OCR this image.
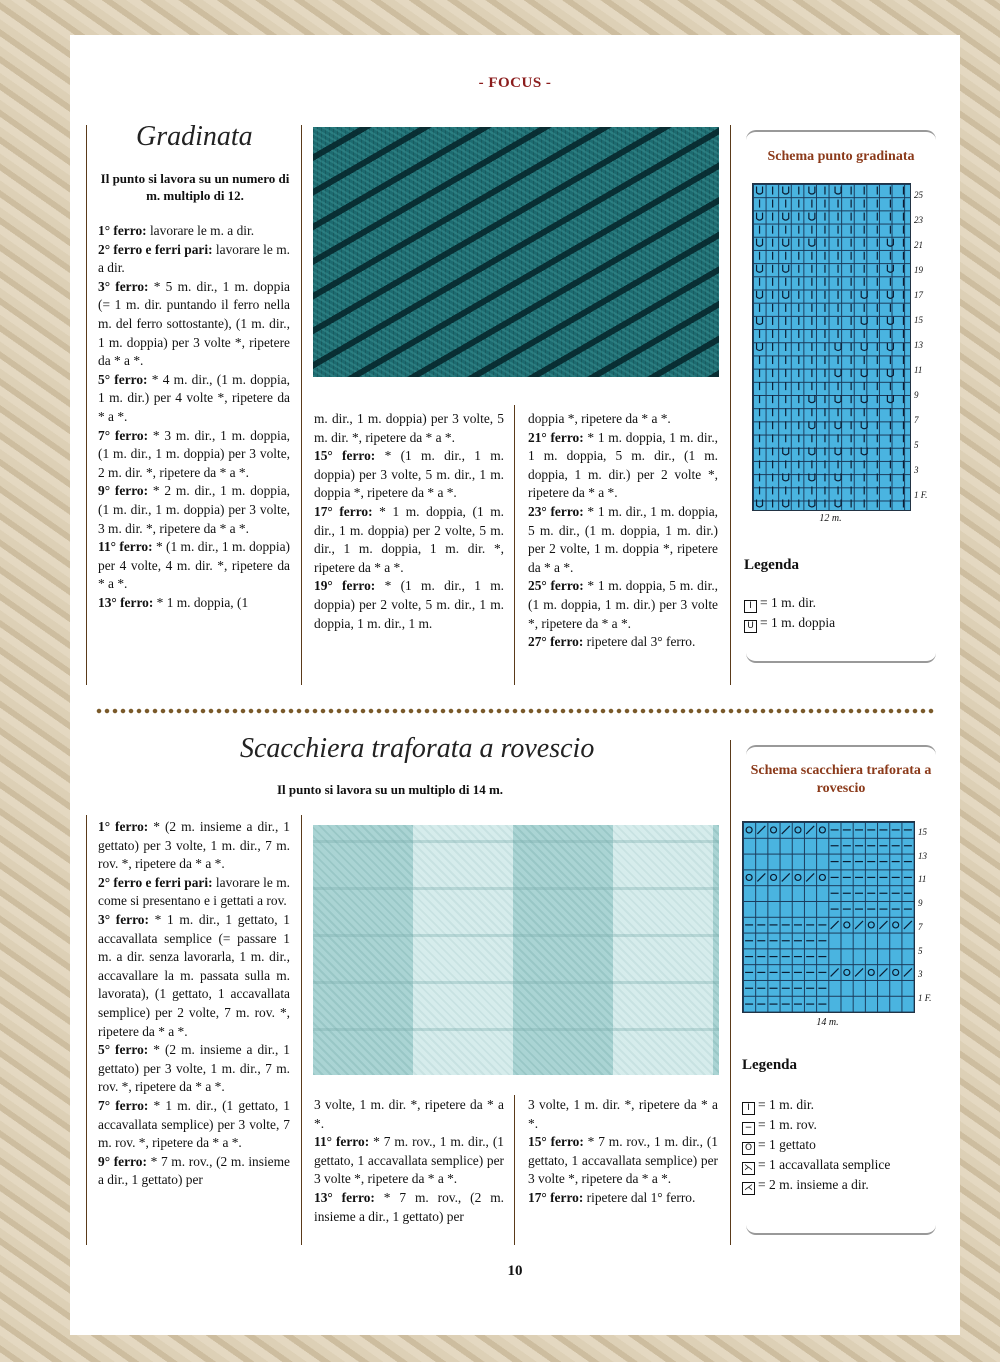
- FOCUS -
Gradinata
Il punto si lavora su un numero di m. multiplo di 12.

1° ferro: lavorare le m. a dir.

2° ferro e ferri pari: lavorare le m. a dir.

3° ferro: * 5 m. dir., 1 m. doppia (= 1 m. dir. puntando il ferro nella m. del ferro sottostante), (1 m. dir., 1 m. doppia) per 3 volte *, ripetere da * a *.

5° ferro: * 4 m. dir., (1 m. doppia, 1 m. dir.) per 4 volte *, ripetere da * a *.

7° ferro: * 3 m. dir., 1 m. doppia, (1 m. dir., 1 m. doppia) per 3 volte, 2 m. dir. *, ripetere da * a *.

9° ferro: * 2 m. dir., 1 m. doppia, (1 m. dir., 1 m. doppia) per 3 volte, 3 m. dir. *, ripetere da * a *.

11° ferro: * (1 m. dir., 1 m. doppia) per 4 volte, 4 m. dir. *, ripetere da * a *.

13° ferro: * 1 m. doppia, (1

m. dir., 1 m. doppia) per 3 volte, 5 m. dir. *, ripetere da * a *.

15° ferro: * (1 m. dir., 1 m. doppia) per 3 volte, 5 m. dir., 1 m. doppia *, ripetere da * a *.

17° ferro: * 1 m. doppia, (1 m. dir., 1 m. doppia) per 2 volte, 5 m. dir., 1 m. doppia, 1 m. dir. *, ripetere da * a *.

19° ferro: * (1 m. dir., 1 m. doppia) per 2 volte, 5 m. dir., 1 m. doppia, 1 m. dir., 1 m.

doppia *, ripetere da * a *.

21° ferro: * 1 m. doppia, 1 m. dir., 1 m. doppia, 5 m. dir., (1 m. doppia, 1 m. dir.) per 2 volte *, ripetere da * a *.

23° ferro: * 1 m. dir., 1 m. doppia, 5 m. dir., (1 m. doppia, 1 m. dir.) per 2 volte, 1 m. doppia *, ripetere da * a *.

25° ferro: * 1 m. doppia, 5 m. dir., (1 m. doppia, 1 m. dir.) per 3 volte *, ripetere da * a *.

27° ferro: ripetere dal 3° ferro.

Schema punto gradinata
25
23
21
19
17
15
13
11
9
7
5
3
1 F.
12 m.
Legenda
I = 1 m. dir.
U = 1 m. doppia
Scacchiera traforata a rovescio
Il punto si lavora su un multiplo di 14 m.

1° ferro: * (2 m. insieme a dir., 1 gettato) per 3 volte, 1 m. dir., 7 m. rov. *, ripetere da * a *.

2° ferro e ferri pari: lavorare le m. come si presentano e i gettati a rov.

3° ferro: * 1 m. dir., 1 gettato, 1 accavallata semplice (= passare 1 m. a dir. senza lavorarla, 1 m. dir., accavallare la m. passata sulla m. lavorata), (1 gettato, 1 accavallata semplice) per 2 volte, 7 m. rov. *, ripetere da * a *.

5° ferro: * (2 m. insieme a dir., 1 gettato) per 3 volte, 1 m. dir., 7 m. rov. *, ripetere da * a *.

7° ferro: * 1 m. dir., (1 gettato, 1 accavallata semplice) per 3 volte, 7 m. rov. *, ripetere da * a *.

9° ferro: * 7 m. rov., (2 m. insieme a dir., 1 gettato) per

3 volte, 1 m. dir. *, ripetere da * a *.

11° ferro: * 7 m. rov., 1 m. dir., (1 gettato, 1 accavallata semplice) per 3 volte *, ripetere da * a *.

13° ferro: * 7 m. rov., (2 m. insieme a dir., 1 gettato) per

3 volte, 1 m. dir. *, ripetere da * a *.

15° ferro: * 7 m. rov., 1 m. dir., (1 gettato, 1 accavallata semplice) per 3 volte *, ripetere da * a *.

17° ferro: ripetere dal 1° ferro.

Schema scacchiera traforata a rovescio
15
13
11
9
7
5
3
1 F.
14 m.
Legenda
I = 1 m. dir.
− = 1 m. rov.
O = 1 gettato
⋋ = 1 accavallata semplice
⋌ = 2 m. insieme a dir.
10
